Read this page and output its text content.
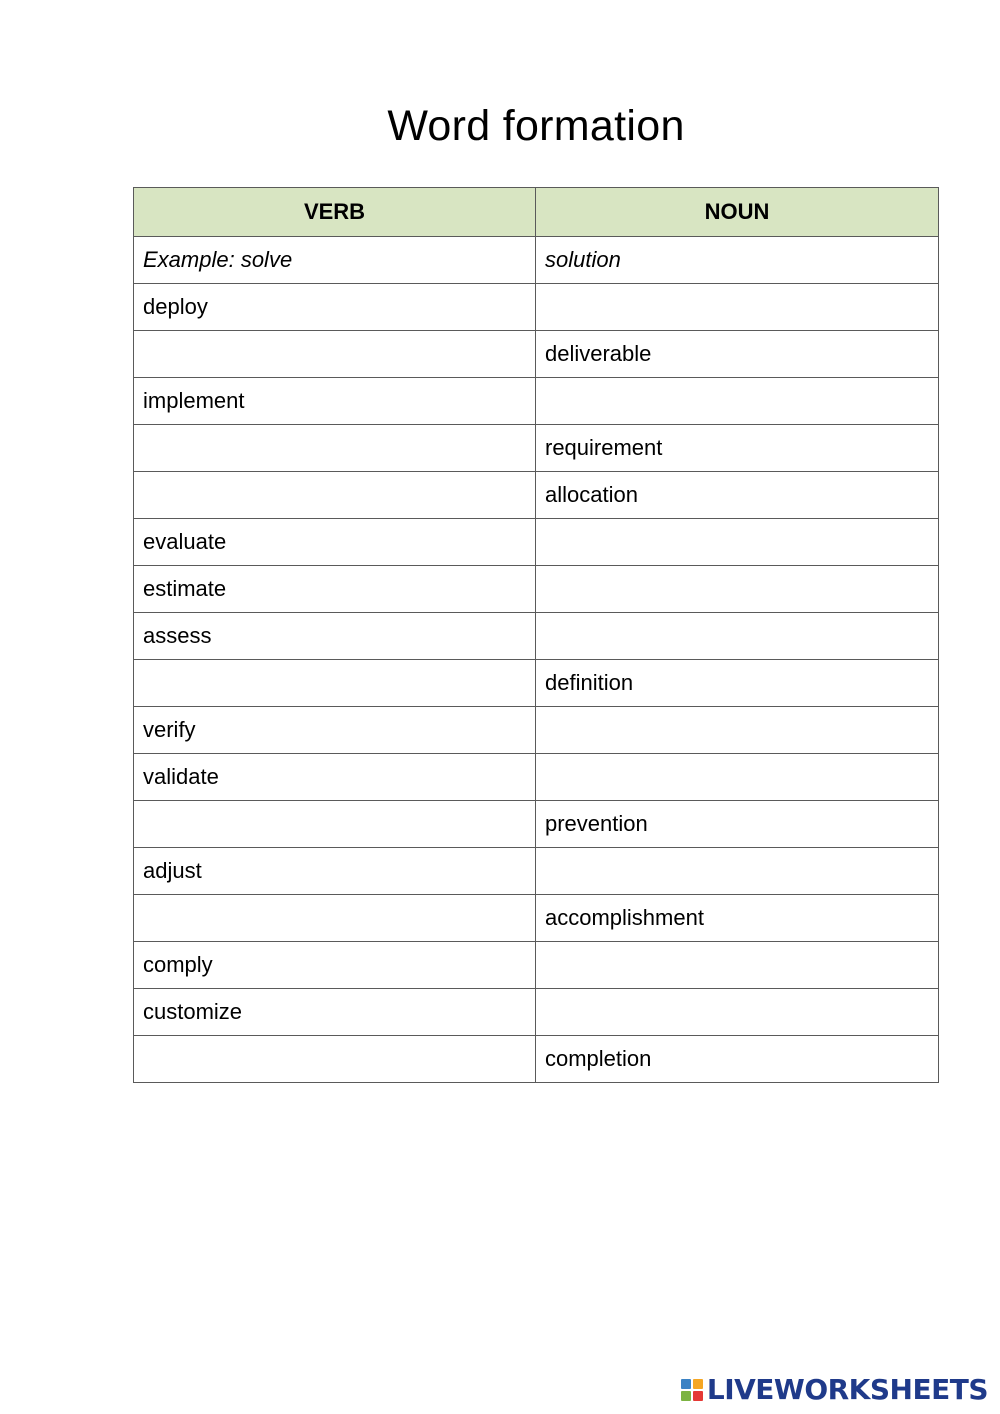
Word formation
VERB	NOUN
Example: solve	solution
deploy	
	deliverable
implement	
	requirement
	allocation
evaluate	
estimate	
assess	
	definition
verify	
validate	
	prevention
adjust	
	accomplishment
comply	
customize	
	completion
LIVEWORKSHEETS
